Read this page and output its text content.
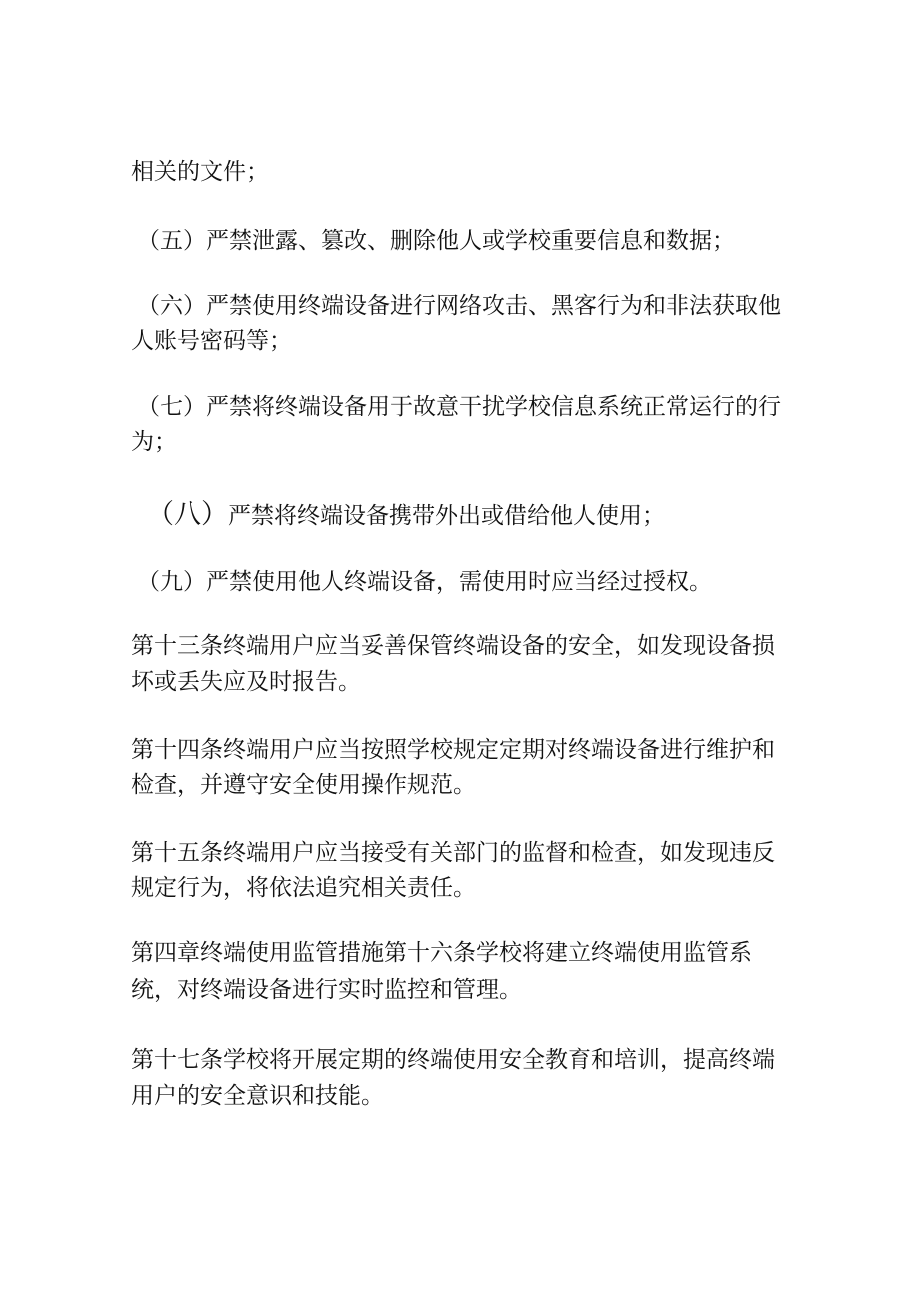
相关的文件；

（五）严禁泄露、篡改、删除他人或学校重要信息和数据；

（六）严禁使用终端设备进行网络攻击、黑客行为和非法获取他

人账号密码等；

（七）严禁将终端设备用于故意干扰学校信息系统正常运行的行

为；

（八）严禁将终端设备携带外出或借给他人使用；

（九）严禁使用他人终端设备，需使用时应当经过授权。

第十三条终端用户应当妥善保管终端设备的安全，如发现设备损

坏或丢失应及时报告。

第十四条终端用户应当按照学校规定定期对终端设备进行维护和

检查，并遵守安全使用操作规范。

第十五条终端用户应当接受有关部门的监督和检查，如发现违反

规定行为，将依法追究相关责任。

第四章终端使用监管措施第十六条学校将建立终端使用监管系

统，对终端设备进行实时监控和管理。

第十七条学校将开展定期的终端使用安全教育和培训，提高终端

用户的安全意识和技能。
